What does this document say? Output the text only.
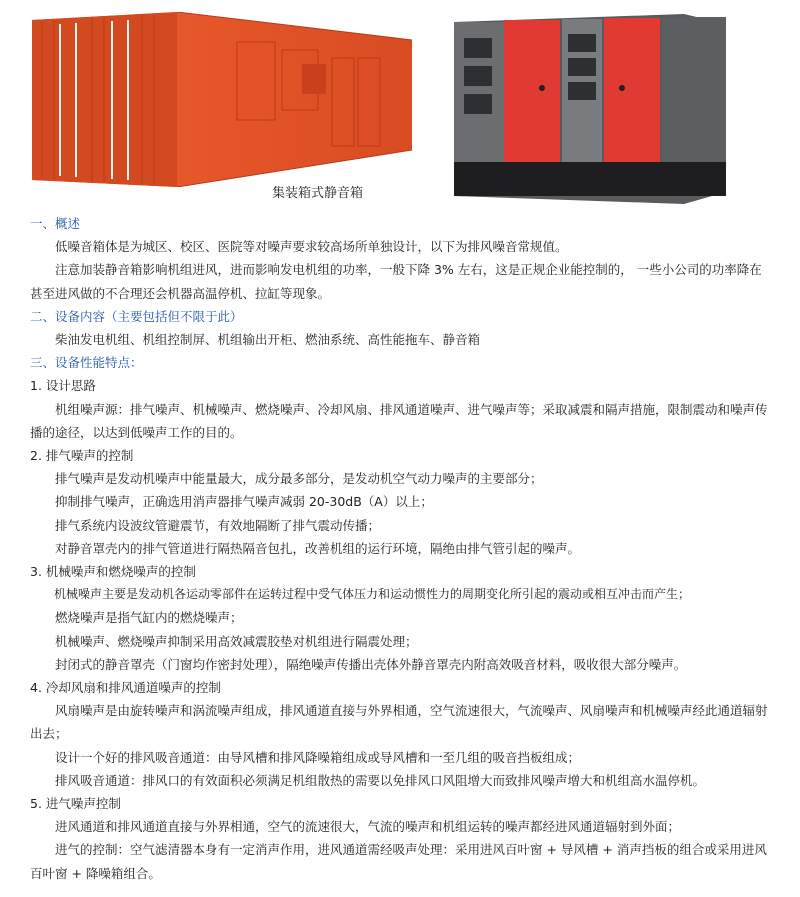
集装箱式静音箱
一、概述
低噪音箱体是为城区、校区、医院等对噪声要求较高场所单独设计，以下为排风噪音常规值。
注意加装静音箱影响机组进风，进而影响发电机组的功率，一般下降 3% 左右，这是正规企业能控制的， 一些小公司的功率降在甚至进风做的不合理还会机器高温停机、拉缸等现象。
二、设备内容（主要包括但不限于此）
柴油发电机组、机组控制屏、机组输出开柜、燃油系统、高性能拖车、静音箱
三、设备性能特点：
1. 设计思路
机组噪声源：排气噪声、机械噪声、燃烧噪声、冷却风扇、排风通道噪声、进气噪声等；采取减震和隔声措施，限制震动和噪声传播的途径，以达到低噪声工作的目的。
2. 排气噪声的控制
排气噪声是发动机噪声中能量最大，成分最多部分，是发动机空气动力噪声的主要部分；
抑制排气噪声，正确选用消声器排气噪声减弱 20-30dB（A）以上；
排气系统内设波纹管避震节，有效地隔断了排气震动传播；
对静音罩壳内的排气管道进行隔热隔音包扎，改善机组的运行环境，隔绝由排气管引起的噪声。
3. 机械噪声和燃烧噪声的控制
机械噪声主要是发动机各运动零部件在运转过程中受气体压力和运动惯性力的周期变化所引起的震动或相互冲击而产生；
燃烧噪声是指气缸内的燃烧噪声；
机械噪声、燃烧噪声抑制采用高效减震胶垫对机组进行隔震处理；
封闭式的静音罩壳（门窗均作密封处理），隔绝噪声传播出壳体外静音罩壳内附高效吸音材料，吸收很大部分噪声。
4. 冷却风扇和排风通道噪声的控制
风扇噪声是由旋转噪声和涡流噪声组成，排风通道直接与外界相通，空气流速很大，气流噪声、风扇噪声和机械噪声经此通道辐射出去；
设计一个好的排风吸音通道：由导风槽和排风降噪箱组成或导风槽和一至几组的吸音挡板组成；
排风吸音通道：排风口的有效面积必须满足机组散热的需要以免排风口风阻增大而致排风噪声增大和机组高水温停机。
5. 进气噪声控制
进风通道和排风通道直接与外界相通，空气的流速很大，气流的噪声和机组运转的噪声都经进风通道辐射到外面；
进气的控制：空气滤清器本身有一定消声作用，进风通道需经吸声处理：采用进风百叶窗 + 导风槽 + 消声挡板的组合或采用进风百叶窗 + 降噪箱组合。
